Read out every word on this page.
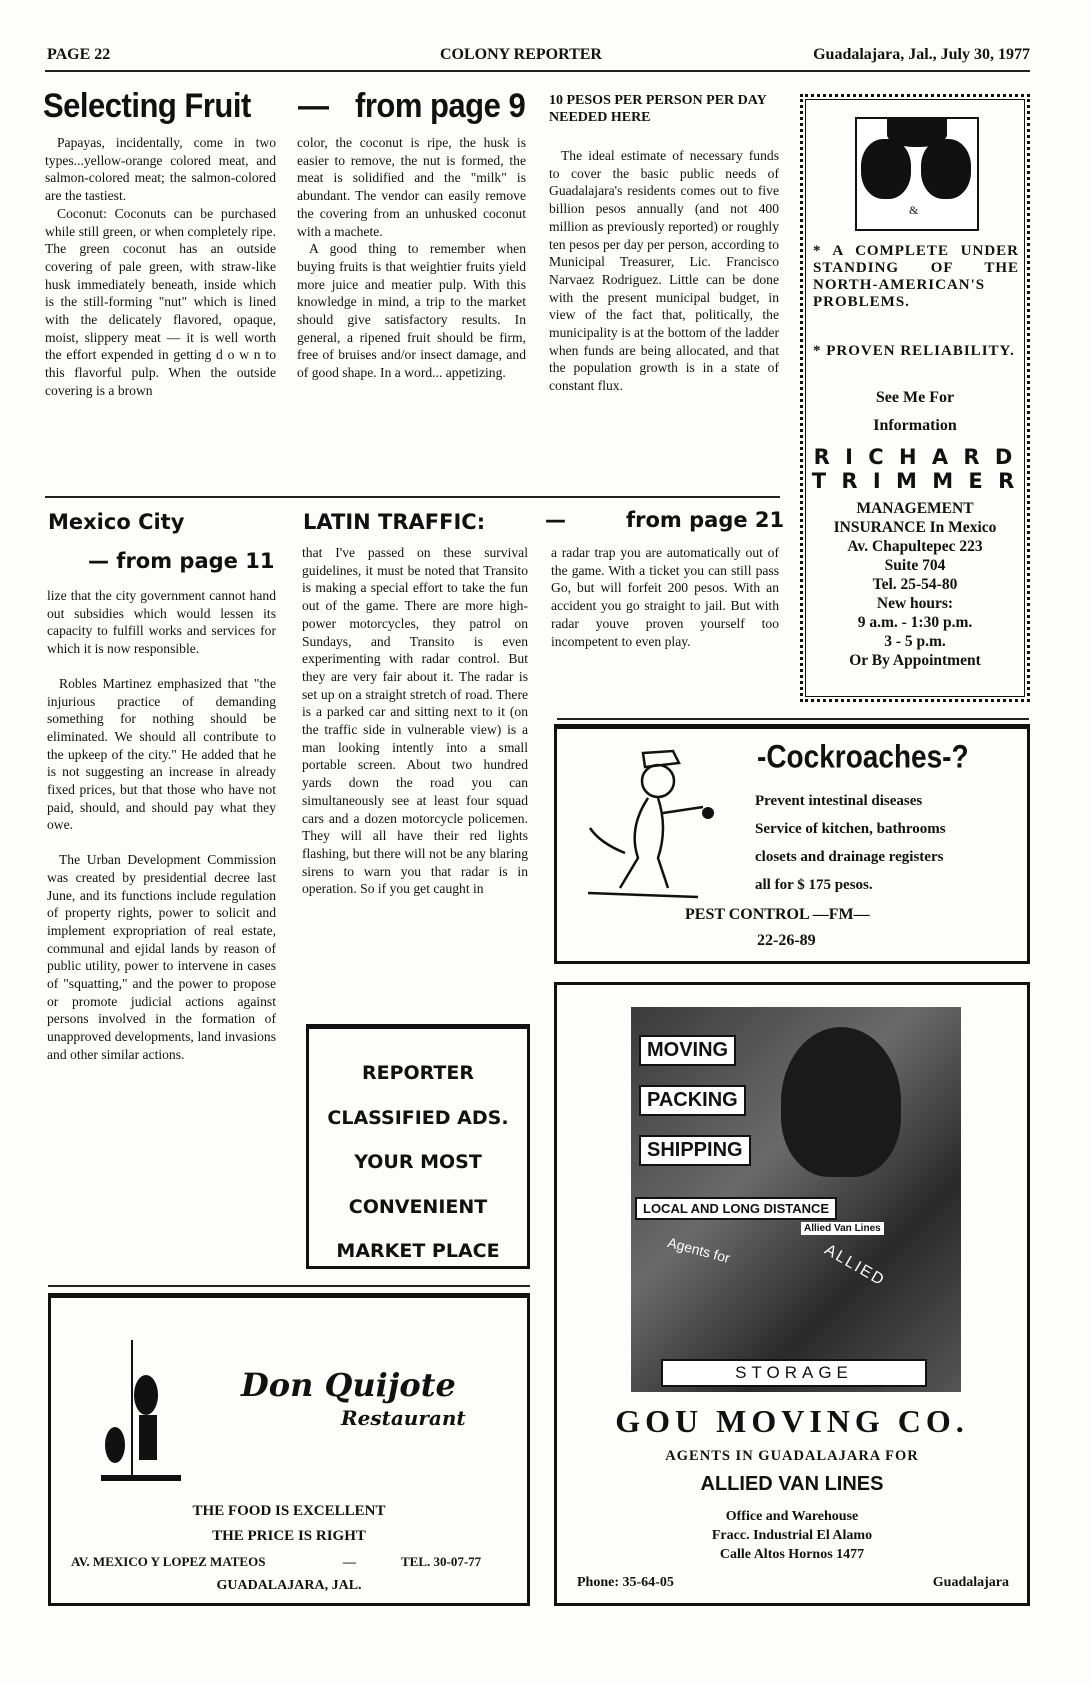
PAGE 22	COLONY REPORTER	Guadalajara, Jal., July 30, 1977
Selecting Fruit — from page 9

Papayas, incidentally, come in two types...yellow-orange colored meat, and salmon-colored meat; the salmon-colored are the tastiest.

Coconut: Coconuts can be purchased while still green, or when completely ripe. The green coconut has an outside covering of pale green, with straw-like husk immediately beneath, inside which is the still-forming "nut" which is lined with the delicately flavored, opaque, moist, slippery meat — it is well worth the effort expended in getting d o w n to this flavorful pulp. When the outside covering is a brown

color, the coconut is ripe, the husk is easier to remove, the nut is formed, the meat is solidified and the "milk" is abundant. The vendor can easily remove the covering from an unhusked coconut with a machete.

A good thing to remember when buying fruits is that weightier fruits yield more juice and meatier pulp. With this knowledge in mind, a trip to the market should give satisfactory results. In general, a ripened fruit should be firm, free of bruises and/or insect damage, and of good shape. In a word... appetizing.

10 PESOS PER PERSON PER DAY NEEDED HERE

The ideal estimate of necessary funds to cover the basic public needs of Guadalajara's residents comes out to five billion pesos annually (and not 400 million as previously reported) or roughly ten pesos per day per person, according to Municipal Treasurer, Lic. Francisco Narvaez Rodriguez. Little can be done with the present municipal budget, in view of the fact that, politically, the municipality is at the bottom of the ladder when funds are being allocated, and that the population growth is in a state of constant flux.

&
* A COMPLETE UNDER STANDING OF THE NORTH-AMERICAN'S PROBLEMS.
* PROVEN RELIABILITY.
See Me For
Information
R I C H A R D
T R I M M E R
MANAGEMENT
INSURANCE In Mexico
Av. Chapultepec 223
Suite 704
Tel. 25-54-80
New hours:
9 a.m. - 1:30 p.m.
3 - 5 p.m.
Or By Appointment
Mexico City
— from page 11

lize that the city government cannot hand out subsidies which would lessen its capacity to fulfill works and services for which it is now responsible.

Robles Martinez emphasized that "the injurious practice of demanding something for nothing should be eliminated. We should all contribute to the upkeep of the city." He added that he is not suggesting an increase in already fixed prices, but that those who have not paid, should, and should pay what they owe.

The Urban Development Commission was created by presidential decree last June, and its functions include regulation of property rights, power to solicit and implement expropriation of real estate, communal and ejidal lands by reason of public utility, power to intervene in cases of "squatting," and the power to propose or promote judicial actions against persons involved in the formation of unapproved developments, land invasions and other similar actions.

LATIN TRAFFIC:	—	from page 21

that I've passed on these survival guidelines, it must be noted that Transito is making a special effort to take the fun out of the game. There are more high-power motorcycles, they patrol on Sundays, and Transito is even experimenting with radar control. But they are very fair about it. The radar is set up on a straight stretch of road. There is a parked car and sitting next to it (on the traffic side in vulnerable view) is a man looking intently into a small portable screen. About two hundred yards down the road you can simultaneously see at least four squad cars and a dozen motorcycle policemen. They will all have their red lights flashing, but there will not be any blaring sirens to warn you that radar is in operation. So if you get caught in

a radar trap you are automatically out of the game. With a ticket you can still pass Go, but will forfeit 200 pesos. With an accident you go straight to jail. But with radar youve proven yourself too incompetent to even play.

REPORTER
CLASSIFIED ADS.
YOUR MOST
CONVENIENT
MARKET PLACE
-Cockroaches-?
Prevent intestinal diseases
Service of kitchen, bathrooms
closets and drainage registers
all for $ 175 pesos.
PEST CONTROL —FM—
22-26-89
MOVING
PACKING
SHIPPING
LOCAL AND LONG DISTANCE
Agents for	ALLIED
Allied Van Lines
STORAGE
GOU MOVING CO.
AGENTS IN GUADALAJARA FOR
ALLIED VAN LINES
Office and Warehouse
Fracc. Industrial El Alamo
Calle Altos Hornos 1477
Phone: 35-64-05	Guadalajara
Don Quijote
Restaurant
THE FOOD IS EXCELLENT
THE PRICE IS RIGHT
AV. MEXICO Y LOPEZ MATEOS	—	TEL. 30-07-77
GUADALAJARA, JAL.
